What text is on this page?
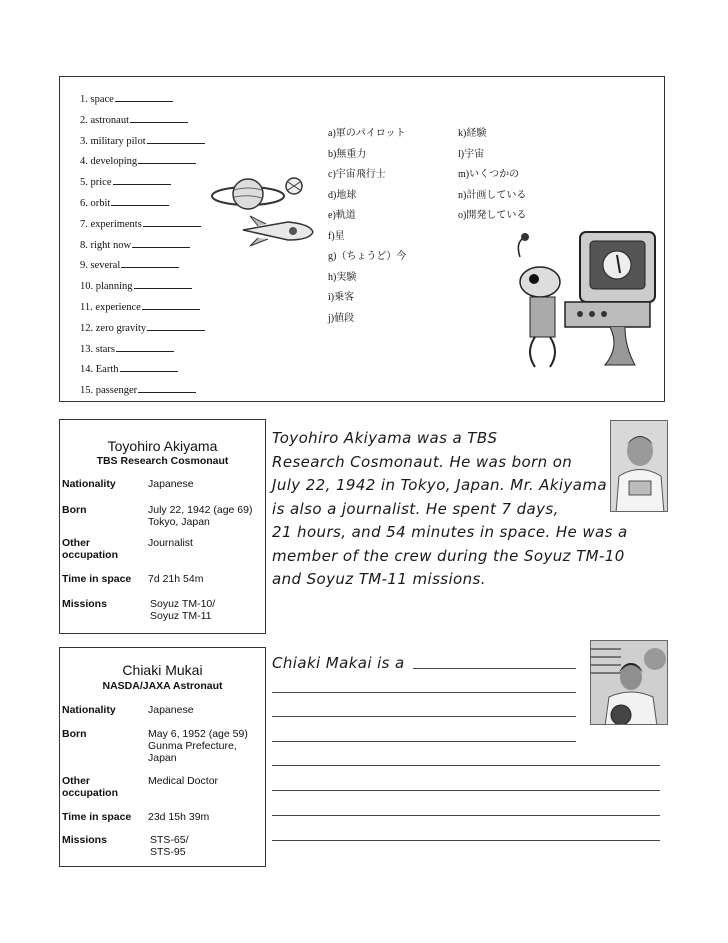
1. space
2. astronaut
3. military pilot
4. developing
5. price
6. orbit
7. experiments
8. right now
9. several
10. planning
11. experience
12. zero gravity
13. stars
14. Earth
15. passenger
a)軍のパイロット
b)無重力
c)宇宙飛行士
d)地球
e)軌道
f)星
g)（ちょうど）今
h)実験
i)乗客
j)値段
k)経験
l)宇宙
m)いくつかの
n)計画している
o)開発している
Toyohiro Akiyama
TBS Research Cosmonaut
Nationality	Japanese
Born	July 22, 1942 (age 69)
Tokyo, Japan
Other
occupation
Journalist
Time in space 7d 21h 54m
Missions	Soyuz TM-10/
Soyuz TM-11
Toyohiro Akiyama was a TBS
Research Cosmonaut. He was born on
July 22, 1942 in Tokyo, Japan. Mr. Akiyama
is also a journalist. He spent 7 days,
21 hours, and 54 minutes in space. He was a
member of the crew during the Soyuz TM-10
and Soyuz TM-11 missions.
Chiaki Mukai
NASDA/JAXA Astronaut
Nationality	Japanese
Born	May 6, 1952 (age 59)
Gunma Prefecture,
Japan
Other
occupation
Medical Doctor
Time in space 23d 15h 39m
Missions	STS-65/
STS-95
Chiaki Makai is a
